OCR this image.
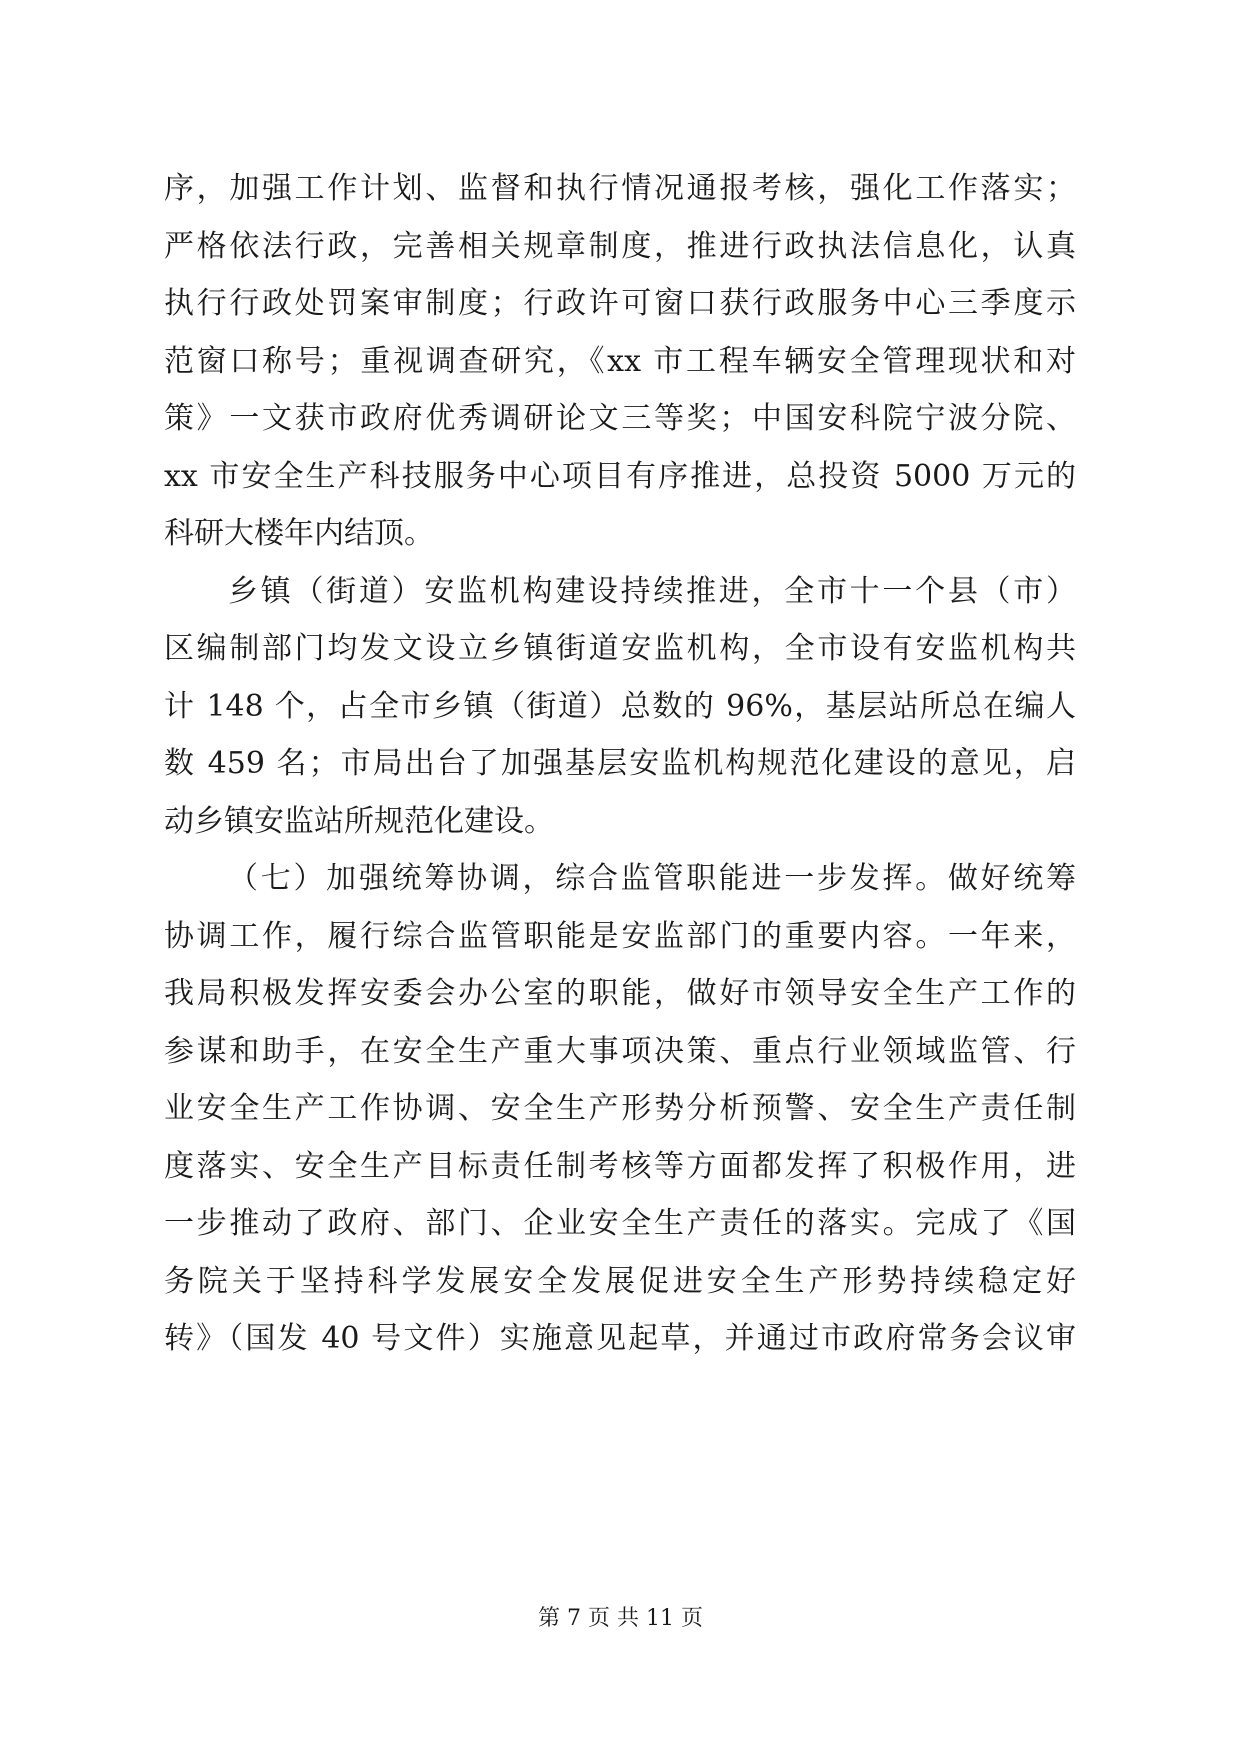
序，加强工作计划、监督和执行情况通报考核，强化工作落实；
严格依法行政，完善相关规章制度，推进行政执法信息化，认真
执行行政处罚案审制度；行政许可窗口获行政服务中心三季度示
范窗口称号；重视调查研究，《xx 市工程车辆安全管理现状和对
策》一文获市政府优秀调研论文三等奖；中国安科院宁波分院、
xx 市安全生产科技服务中心项目有序推进，总投资 5000 万元的
科研大楼年内结顶。
乡镇（街道）安监机构建设持续推进，全市十一个县（市）
区编制部门均发文设立乡镇街道安监机构，全市设有安监机构共
计 148 个，占全市乡镇（街道）总数的 96%，基层站所总在编人
数 459 名；市局出台了加强基层安监机构规范化建设的意见，启
动乡镇安监站所规范化建设。
（七）加强统筹协调，综合监管职能进一步发挥。做好统筹
协调工作，履行综合监管职能是安监部门的重要内容。一年来，
我局积极发挥安委会办公室的职能，做好市领导安全生产工作的
参谋和助手，在安全生产重大事项决策、重点行业领域监管、行
业安全生产工作协调、安全生产形势分析预警、安全生产责任制
度落实、安全生产目标责任制考核等方面都发挥了积极作用，进
一步推动了政府、部门、企业安全生产责任的落实。完成了《国
务院关于坚持科学发展安全发展促进安全生产形势持续稳定好
转》（国发 40 号文件）实施意见起草，并通过市政府常务会议审
第 7 页 共 11 页
